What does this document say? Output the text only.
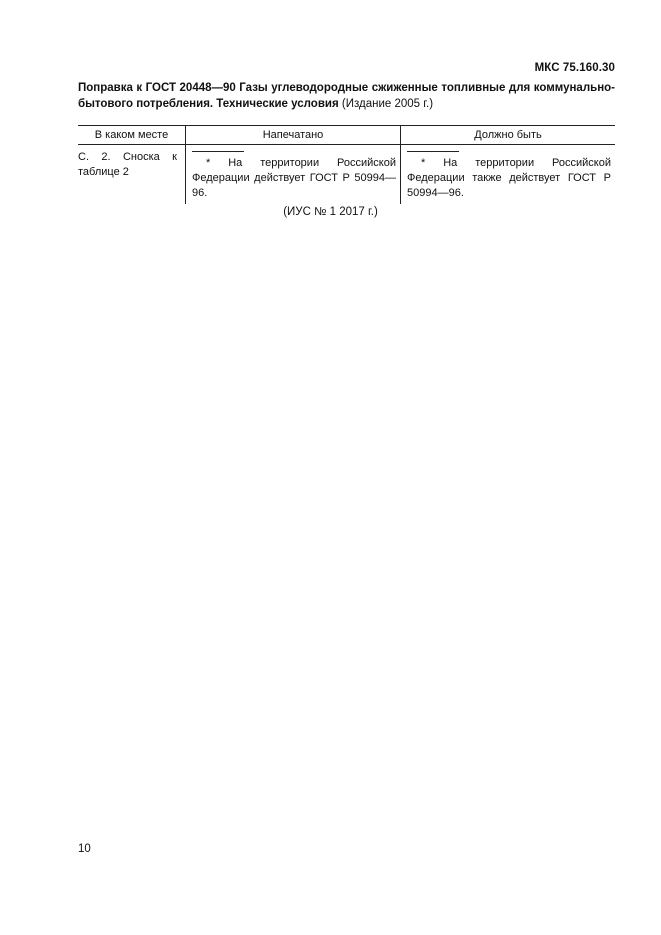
МКС 75.160.30
Поправка к ГОСТ 20448—90 Газы углеводородные сжиженные топливные для коммунально-бытового потребления. Технические условия (Издание 2005 г.)
В каком месте	Напечатано	Должно быть

С. 2. Сноска к таблице 2	* На территории Российской Федерации действует ГОСТ Р 50994—96.	* На территории Российской Федерации также действует ГОСТ Р 50994—96.
(ИУС № 1 2017 г.)
10
